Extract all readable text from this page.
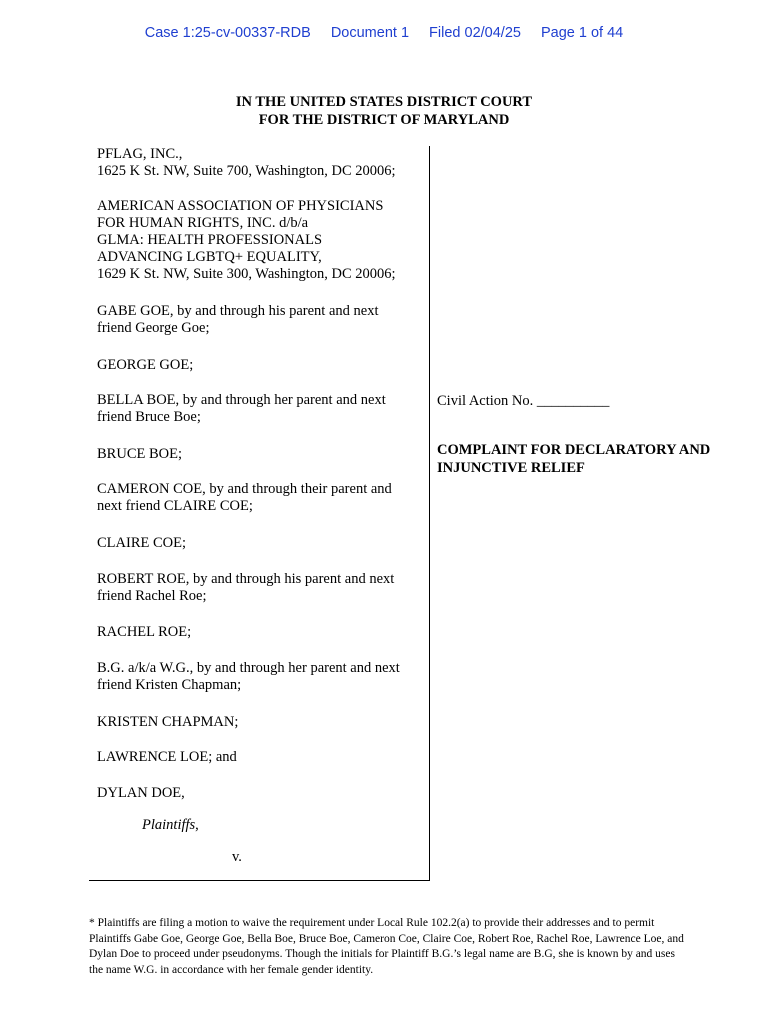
Case 1:25-cv-00337-RDB Document 1 Filed 02/04/25 Page 1 of 44
IN THE UNITED STATES DISTRICT COURT
FOR THE DISTRICT OF MARYLAND
PFLAG, INC.,
1625 K St. NW, Suite 700, Washington, DC 20006;
AMERICAN ASSOCIATION OF PHYSICIANS
FOR HUMAN RIGHTS, INC. d/b/a
GLMA: HEALTH PROFESSIONALS
ADVANCING LGBTQ+ EQUALITY,
1629 K St. NW, Suite 300, Washington, DC 20006;
GABE GOE, by and through his parent and next
friend George Goe;
GEORGE GOE;
BELLA BOE, by and through her parent and next
friend Bruce Boe;
BRUCE BOE;
CAMERON COE, by and through their parent and
next friend CLAIRE COE;
CLAIRE COE;
ROBERT ROE, by and through his parent and next
friend Rachel Roe;
RACHEL ROE;
B.G. a/k/a W.G., by and through her parent and next
friend Kristen Chapman;
KRISTEN CHAPMAN;
LAWRENCE LOE; and
DYLAN DOE,
Plaintiffs,
v.
Civil Action No. __________
COMPLAINT FOR DECLARATORY AND
INJUNCTIVE RELIEF
* Plaintiffs are filing a motion to waive the requirement under Local Rule 102.2(a) to provide their addresses and to permit Plaintiffs Gabe Goe, George Goe, Bella Boe, Bruce Boe, Cameron Coe, Claire Coe, Robert Roe, Rachel Roe, Lawrence Loe, and Dylan Doe to proceed under pseudonyms. Though the initials for Plaintiff B.G.’s legal name are B.G, she is known by and uses the name W.G. in accordance with her female gender identity.
